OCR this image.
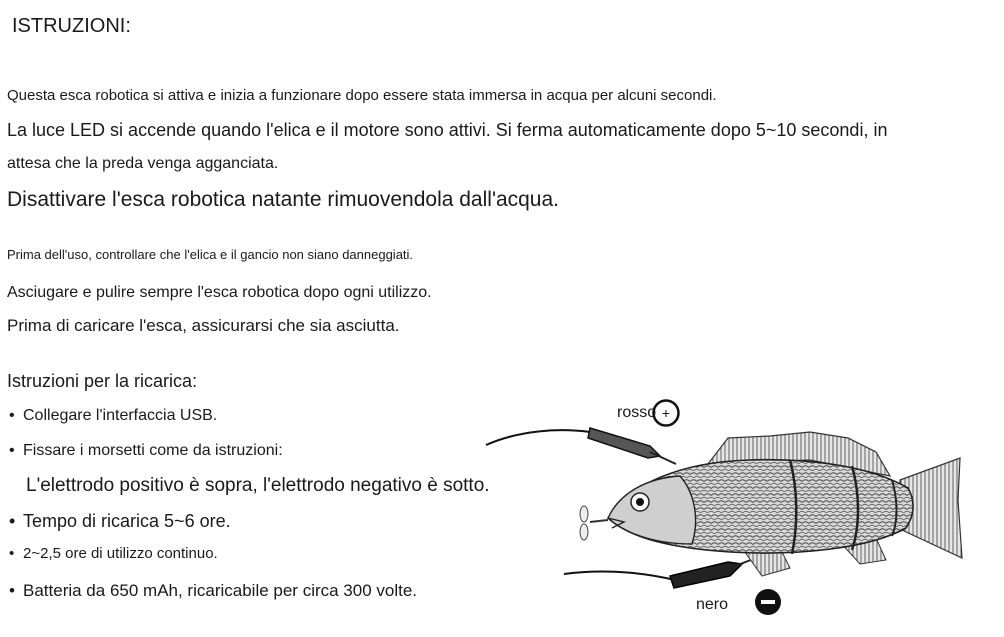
ISTRUZIONI:

Questa esca robotica si attiva e inizia a funzionare dopo essere stata immersa in acqua per alcuni secondi.

La luce LED si accende quando l'elica e il motore sono attivi. Si ferma automaticamente dopo 5~10 secondi, in

attesa che la preda venga agganciata.

Disattivare l'esca robotica natante rimuovendola dall'acqua.

Prima dell'uso, controllare che l'elica e il gancio non siano danneggiati.

Asciugare e pulire sempre l'esca robotica dopo ogni utilizzo.

Prima di caricare l'esca, assicurarsi che sia asciutta.

Istruzioni per la ricarica:
• Collegare l'interfaccia USB.
• Fissare i morsetti come da istruzioni:
L'elettrodo positivo è sopra, l'elettrodo negativo è sotto.
• Tempo di ricarica 5~6 ore.
• 2~2,5 ore di utilizzo continuo.
• Batteria da 650 mAh, ricaricabile per circa 300 volte.
rosso +
nero
